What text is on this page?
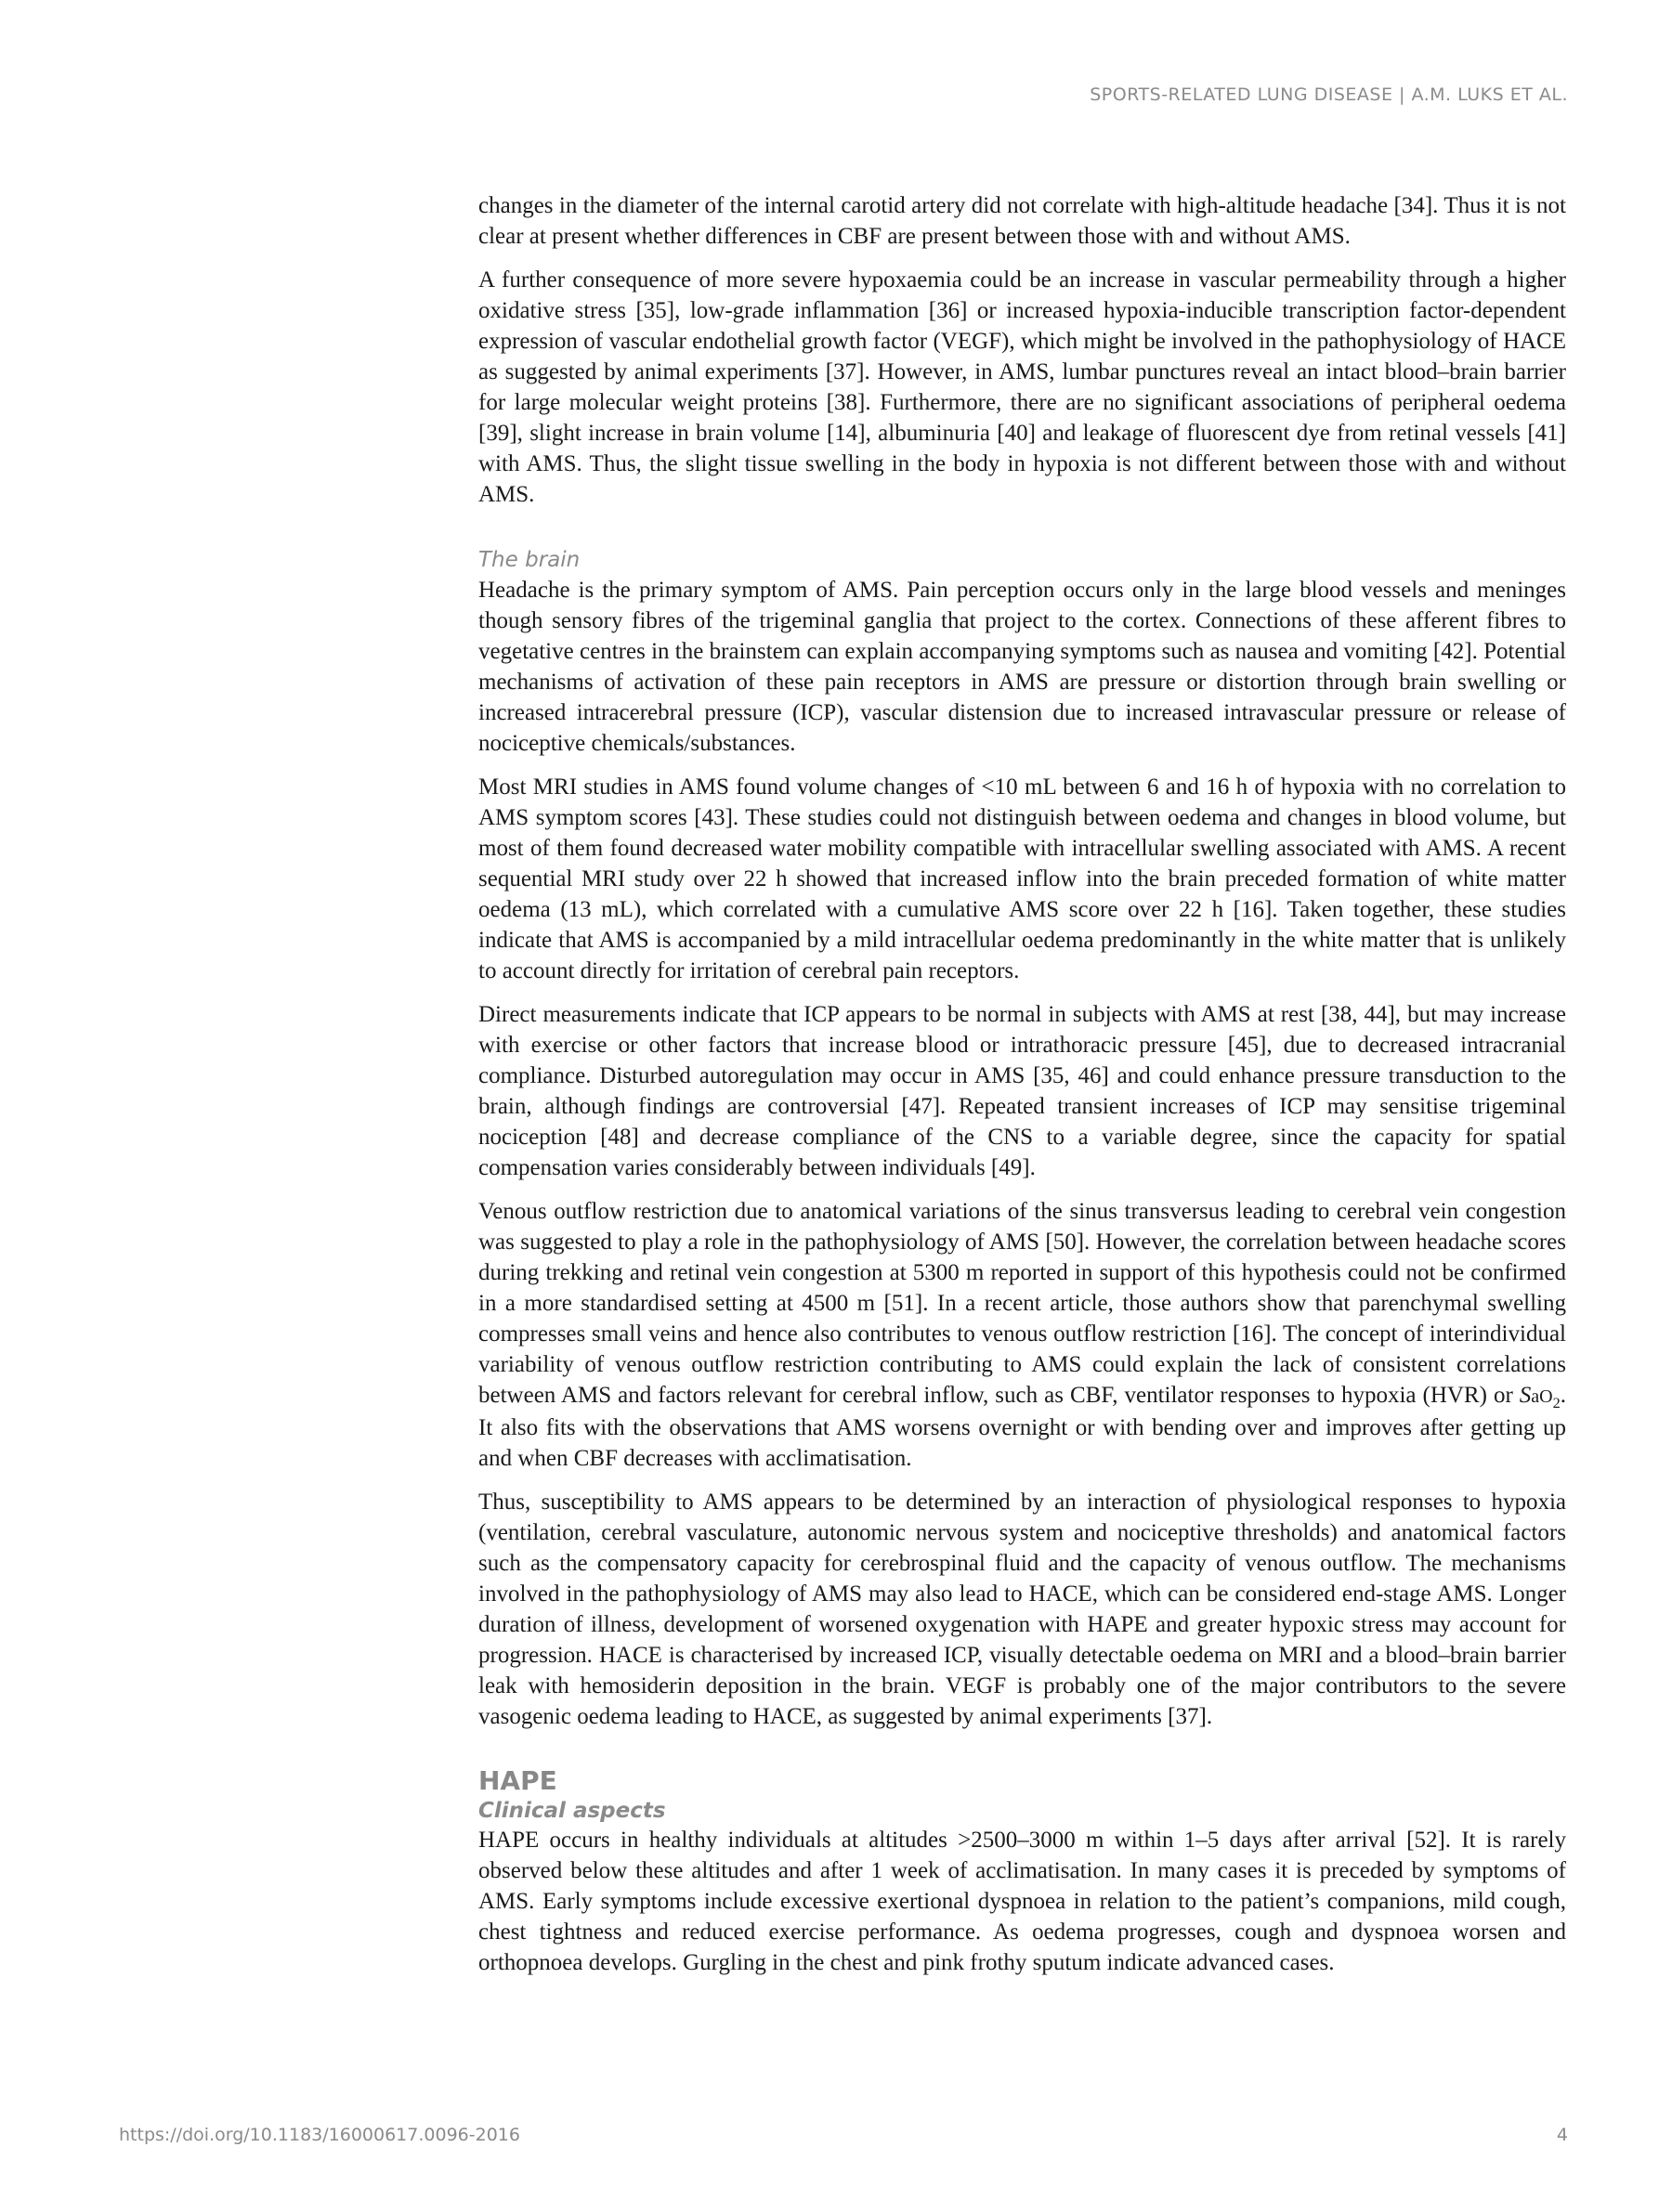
SPORTS-RELATED LUNG DISEASE | A.M. LUKS ET AL.

changes in the diameter of the internal carotid artery did not correlate with high-altitude headache [34]. Thus it is not clear at present whether differences in CBF are present between those with and without AMS.

A further consequence of more severe hypoxaemia could be an increase in vascular permeability through a higher oxidative stress [35], low-grade inflammation [36] or increased hypoxia-inducible transcription factor-dependent expression of vascular endothelial growth factor (VEGF), which might be involved in the pathophysiology of HACE as suggested by animal experiments [37]. However, in AMS, lumbar punctures reveal an intact blood–brain barrier for large molecular weight proteins [38]. Furthermore, there are no significant associations of peripheral oedema [39], slight increase in brain volume [14], albuminuria [40] and leakage of fluorescent dye from retinal vessels [41] with AMS. Thus, the slight tissue swelling in the body in hypoxia is not different between those with and without AMS.

The brain

Headache is the primary symptom of AMS. Pain perception occurs only in the large blood vessels and meninges though sensory fibres of the trigeminal ganglia that project to the cortex. Connections of these afferent fibres to vegetative centres in the brainstem can explain accompanying symptoms such as nausea and vomiting [42]. Potential mechanisms of activation of these pain receptors in AMS are pressure or distortion through brain swelling or increased intracerebral pressure (ICP), vascular distension due to increased intravascular pressure or release of nociceptive chemicals/substances.

Most MRI studies in AMS found volume changes of <10 mL between 6 and 16 h of hypoxia with no correlation to AMS symptom scores [43]. These studies could not distinguish between oedema and changes in blood volume, but most of them found decreased water mobility compatible with intracellular swelling associated with AMS. A recent sequential MRI study over 22 h showed that increased inflow into the brain preceded formation of white matter oedema (13 mL), which correlated with a cumulative AMS score over 22 h [16]. Taken together, these studies indicate that AMS is accompanied by a mild intracellular oedema predominantly in the white matter that is unlikely to account directly for irritation of cerebral pain receptors.

Direct measurements indicate that ICP appears to be normal in subjects with AMS at rest [38, 44], but may increase with exercise or other factors that increase blood or intrathoracic pressure [45], due to decreased intracranial compliance. Disturbed autoregulation may occur in AMS [35, 46] and could enhance pressure transduction to the brain, although findings are controversial [47]. Repeated transient increases of ICP may sensitise trigeminal nociception [48] and decrease compliance of the CNS to a variable degree, since the capacity for spatial compensation varies considerably between individuals [49].

Venous outflow restriction due to anatomical variations of the sinus transversus leading to cerebral vein congestion was suggested to play a role in the pathophysiology of AMS [50]. However, the correlation between headache scores during trekking and retinal vein congestion at 5300 m reported in support of this hypothesis could not be confirmed in a more standardised setting at 4500 m [51]. In a recent article, those authors show that parenchymal swelling compresses small veins and hence also contributes to venous outflow restriction [16]. The concept of interindividual variability of venous outflow restriction contributing to AMS could explain the lack of consistent correlations between AMS and factors relevant for cerebral inflow, such as CBF, ventilator responses to hypoxia (HVR) or SaO$_2$. It also fits with the observations that AMS worsens overnight or with bending over and improves after getting up and when CBF decreases with acclimatisation.

Thus, susceptibility to AMS appears to be determined by an interaction of physiological responses to hypoxia (ventilation, cerebral vasculature, autonomic nervous system and nociceptive thresholds) and anatomical factors such as the compensatory capacity for cerebrospinal fluid and the capacity of venous outflow. The mechanisms involved in the pathophysiology of AMS may also lead to HACE, which can be considered end-stage AMS. Longer duration of illness, development of worsened oxygenation with HAPE and greater hypoxic stress may account for progression. HACE is characterised by increased ICP, visually detectable oedema on MRI and a blood–brain barrier leak with hemosiderin deposition in the brain. VEGF is probably one of the major contributors to the severe vasogenic oedema leading to HACE, as suggested by animal experiments [37].

HAPE
Clinical aspects

HAPE occurs in healthy individuals at altitudes >2500–3000 m within 1–5 days after arrival [52]. It is rarely observed below these altitudes and after 1 week of acclimatisation. In many cases it is preceded by symptoms of AMS. Early symptoms include excessive exertional dyspnoea in relation to the patient’s companions, mild cough, chest tightness and reduced exercise performance. As oedema progresses, cough and dyspnoea worsen and orthopnoea develops. Gurgling in the chest and pink frothy sputum indicate advanced cases.

https://doi.org/10.1183/16000617.0096-2016	4
